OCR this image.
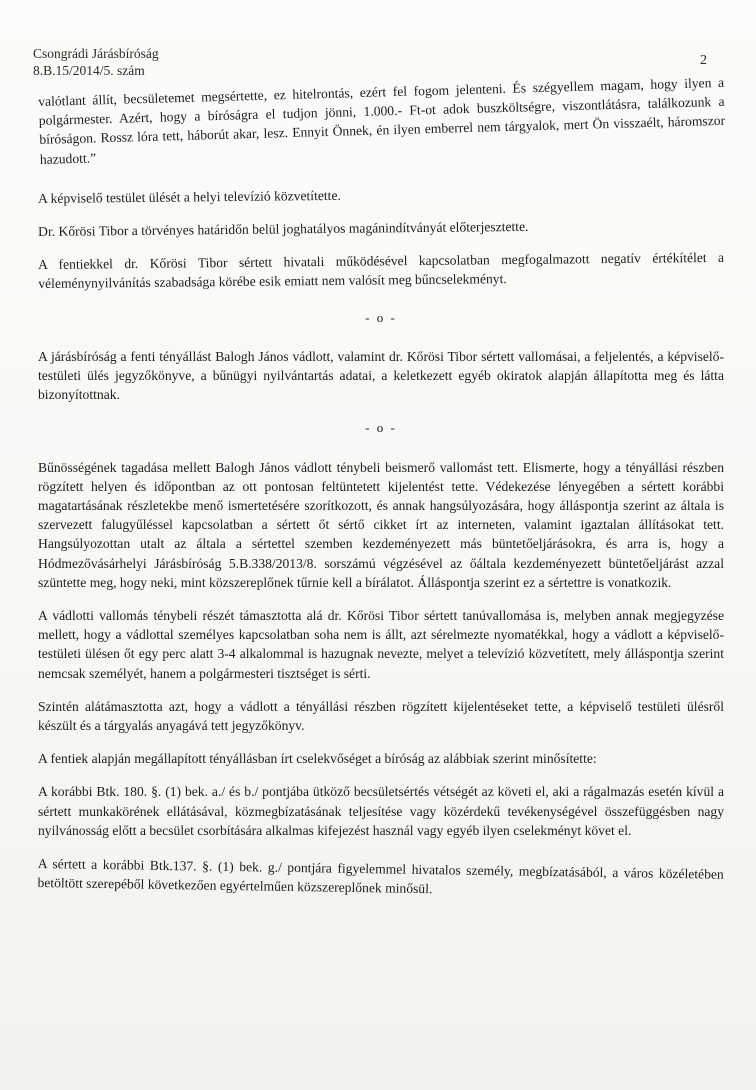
Csongrádi Járásbíróság
8.B.15/2014/5. szám
2

valótlant állít, becsületemet megsértette, ez hitelrontás, ezért fel fogom jelenteni. És szégyellem magam, hogy ilyen a polgármester. Azért, hogy a bíróságra el tudjon jönni, 1.000.- Ft-ot adok buszköltségre, viszontlátásra, találkozunk a bíróságon. Rossz lóra tett, háborút akar, lesz. Ennyit Önnek, én ilyen emberrel nem tárgyalok, mert Ön visszaélt, háromszor hazudott.”

A képviselő testület ülését a helyi televízió közvetítette.

Dr. Kőrösi Tibor a törvényes határidőn belül joghatályos magánindítványát előterjesztette.

A fentiekkel dr. Kőrösi Tibor sértett hivatali működésével kapcsolatban megfogalmazott negatív értékítélet a véleménynyilvánítás szabadsága körébe esik emiatt nem valósít meg bűncselekményt.

- o -

A járásbíróság a fenti tényállást Balogh János vádlott, valamint dr. Kőrösi Tibor sértett vallomásai, a feljelentés, a képviselő-testületi ülés jegyzőkönyve, a bűnügyi nyilvántartás adatai, a keletkezett egyéb okiratok alapján állapította meg és látta bizonyítottnak.

- o -

Bűnösségének tagadása mellett Balogh János vádlott ténybeli beismerő vallomást tett. Elismerte, hogy a tényállási részben rögzített helyen és időpontban az ott pontosan feltüntetett kijelentést tette. Védekezése lényegében a sértett korábbi magatartásának részletekbe menő ismertetésére szorítkozott, és annak hangsúlyozására, hogy álláspontja szerint az általa is szervezett falugyűléssel kapcsolatban a sértett őt sértő cikket írt az interneten, valamint igaztalan állításokat tett. Hangsúlyozottan utalt az általa a sértettel szemben kezdeményezett más büntetőeljárásokra, és arra is, hogy a Hódmezővásárhelyi Járásbíróság 5.B.338/2013/8. sorszámú végzésével az őáltala kezdeményezett büntetőeljárást azzal szüntette meg, hogy neki, mint közszereplőnek tűrnie kell a bírálatot. Álláspontja szerint ez a sértettre is vonatkozik.

A vádlotti vallomás ténybeli részét támasztotta alá dr. Kőrösi Tibor sértett tanúvallomása is, melyben annak megjegyzése mellett, hogy a vádlottal személyes kapcsolatban soha nem is állt, azt sérelmezte nyomatékkal, hogy a vádlott a képviselő-testületi ülésen őt egy perc alatt 3-4 alkalommal is hazugnak nevezte, melyet a televízió közvetített, mely álláspontja szerint nemcsak személyét, hanem a polgármesteri tisztséget is sérti.

Szintén alátámasztotta azt, hogy a vádlott a tényállási részben rögzített kijelentéseket tette, a képviselő testületi ülésről készült és a tárgyalás anyagává tett jegyzőkönyv.

A fentiek alapján megállapított tényállásban írt cselekvőséget a bíróság az alábbiak szerint minősítette:

A korábbi Btk. 180. §. (1) bek. a./ és b./ pontjába ütköző becsületsértés vétségét az követi el, aki a rágalmazás esetén kívül a sértett munkakörének ellátásával, közmegbízatásának teljesítése vagy közérdekű tevékenységével összefüggésben nagy nyilvánosság előtt a becsület csorbítására alkalmas kifejezést használ vagy egyéb ilyen cselekményt követ el.

A sértett a korábbi Btk.137. §. (1) bek. g./ pontjára figyelemmel hivatalos személy, megbízatásából, a város közéletében betöltött szerepéből következően egyértelműen közszereplőnek minősül.
